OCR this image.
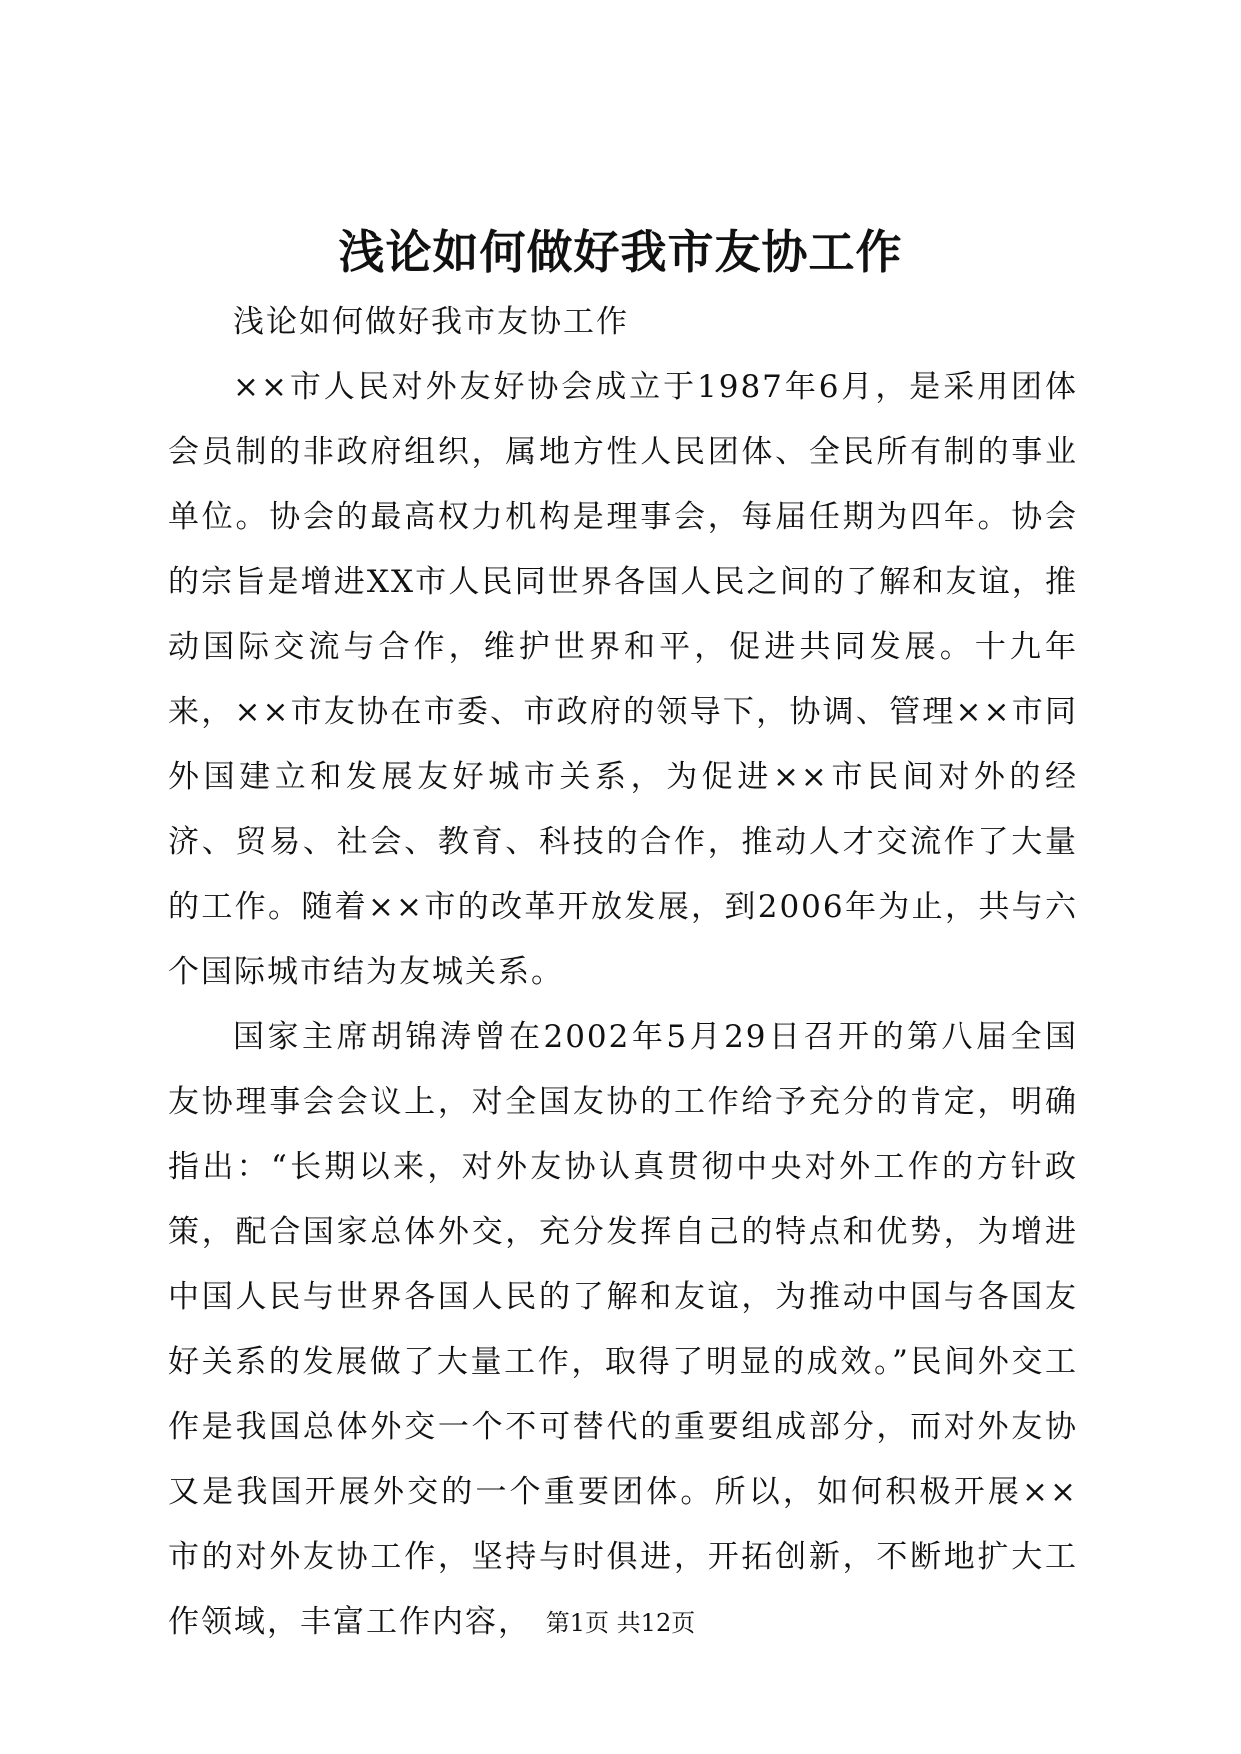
浅论如何做好我市友协工作

浅论如何做好我市友协工作

××市人民对外友好协会成立于1987年6月，是采用团体会员制的非政府组织，属地方性人民团体、全民所有制的事业单位。协会的最高权力机构是理事会，每届任期为四年。协会的宗旨是增进XX市人民同世界各国人民之间的了解和友谊，推动国际交流与合作，维护世界和平，促进共同发展。十九年来，××市友协在市委、市政府的领导下，协调、管理××市同外国建立和发展友好城市关系，为促进××市民间对外的经济、贸易、社会、教育、科技的合作，推动人才交流作了大量的工作。随着××市的改革开放发展，到2006年为止，共与六个国际城市结为友城关系。

国家主席胡锦涛曾在2002年5月29日召开的第八届全国友协理事会会议上，对全国友协的工作给予充分的肯定，明确指出：“长期以来，对外友协认真贯彻中央对外工作的方针政策，配合国家总体外交，充分发挥自己的特点和优势，为增进中国人民与世界各国人民的了解和友谊，为推动中国与各国友好关系的发展做了大量工作，取得了明显的成效。”民间外交工作是我国总体外交一个不可替代的重要组成部分，而对外友协又是我国开展外交的一个重要团体。所以，如何积极开展××市的对外友协工作，坚持与时俱进，开拓创新，不断地扩大工作领域，丰富工作内容， 第1页 共12页
